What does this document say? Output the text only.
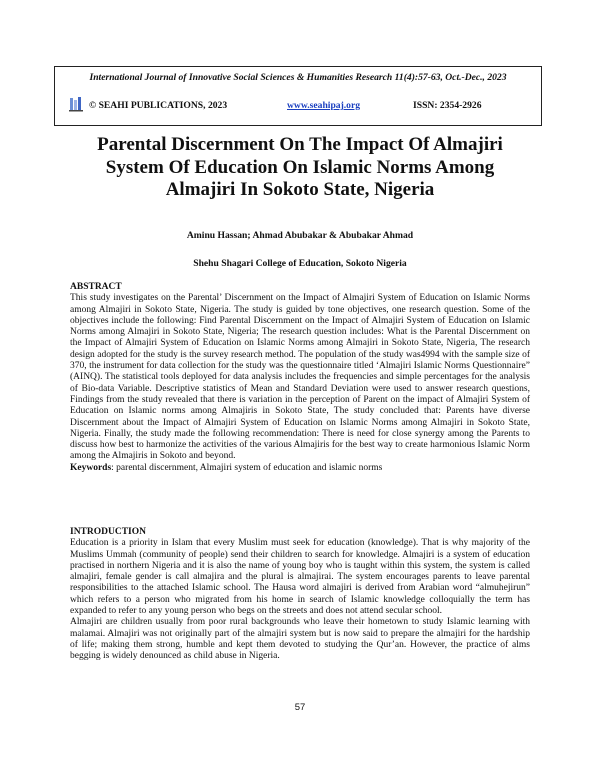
International Journal of Innovative Social Sciences & Humanities Research 11(4):57-63, Oct.-Dec., 2023
© SEAHI PUBLICATIONS, 2023	www.seahipaj.org	ISSN: 2354-2926
Parental Discernment On The Impact Of Almajiri
System Of Education On Islamic Norms Among
Almajiri In Sokoto State, Nigeria
Aminu Hassan; Ahmad Abubakar & Abubakar Ahmad
Shehu Shagari College of Education, Sokoto Nigeria
ABSTRACT

This study investigates on the Parental’ Discernment on the Impact of Almajiri System of Education on Islamic Norms among Almajiri in Sokoto State, Nigeria. The study is guided by tone objectives, one research question. Some of the objectives include the following: Find Parental Discernment on the Impact of Almajiri System of Education on Islamic Norms among Almajiri in Sokoto State, Nigeria; The research question includes: What is the Parental Discernment on the Impact of Almajiri System of Education on Islamic Norms among Almajiri in Sokoto State, Nigeria, The research design adopted for the study is the survey research method. The population of the study was4994 with the sample size of 370, the instrument for data collection for the study was the questionnaire titled ‘Almajiri Islamic Norms Questionnaire” (AINQ). The statistical tools deployed for data analysis includes the frequencies and simple percentages for the analysis of Bio-data Variable. Descriptive statistics of Mean and Standard Deviation were used to answer research questions, Findings from the study revealed that there is variation in the perception of Parent on the impact of Almajiri System of Education on Islamic norms among Almajiris in Sokoto State, The study concluded that: Parents have diverse Discernment about the Impact of Almajiri System of Education on Islamic Norms among Almajiri in Sokoto State, Nigeria. Finally, the study made the following recommendation: There is need for close synergy among the Parents to discuss how best to harmonize the activities of the various Almajiris for the best way to create harmonious Islamic Norm among the Almajiris in Sokoto and beyond.

Keywords: parental discernment, Almajiri system of education and islamic norms

INTRODUCTION

Education is a priority in Islam that every Muslim must seek for education (knowledge). That is why majority of the Muslims Ummah (community of people) send their children to search for knowledge. Almajiri is a system of education practised in northern Nigeria and it is also the name of young boy who is taught within this system, the system is called almajiri, female gender is call almajira and the plural is almajirai. The system encourages parents to leave parental responsibilities to the attached Islamic school. The Hausa word almajiri is derived from Arabian word “almuhejirun” which refers to a person who migrated from his home in search of Islamic knowledge colloquially the term has expanded to refer to any young person who begs on the streets and does not attend secular school.

Almajiri are children usually from poor rural backgrounds who leave their hometown to study Islamic learning with malamai. Almajiri was not originally part of the almajiri system but is now said to prepare the almajiri for the hardship of life; making them strong, humble and kept them devoted to studying the Qur’an. However, the practice of alms begging is widely denounced as child abuse in Nigeria.

57
